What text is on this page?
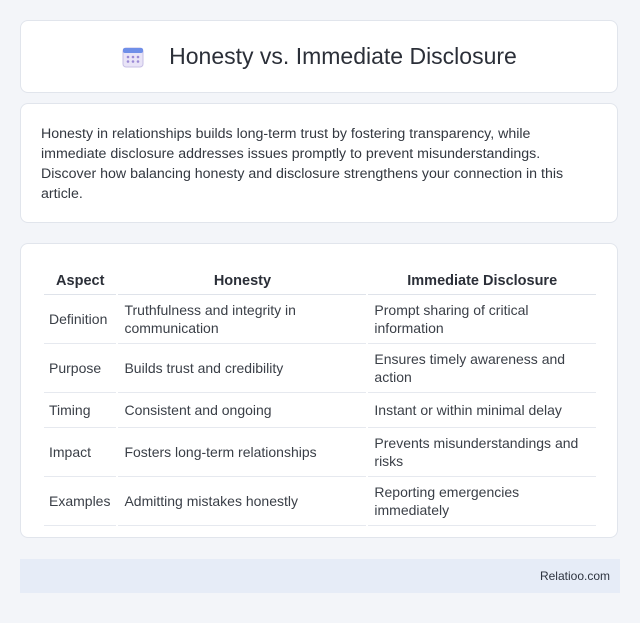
Honesty vs. Immediate Disclosure

Honesty in relationships builds long-term trust by fostering transparency, while immediate disclosure addresses issues promptly to prevent misunderstandings. Discover how balancing honesty and disclosure strengthens your connection in this article.

Aspect	Honesty	Immediate Disclosure
Definition	Truthfulness and integrity in communication	Prompt sharing of critical information
Purpose	Builds trust and credibility	Ensures timely awareness and action
Timing	Consistent and ongoing	Instant or within minimal delay
Impact	Fosters long-term relationships	Prevents misunderstandings and risks
Examples	Admitting mistakes honestly	Reporting emergencies immediately
Relatioo.com
